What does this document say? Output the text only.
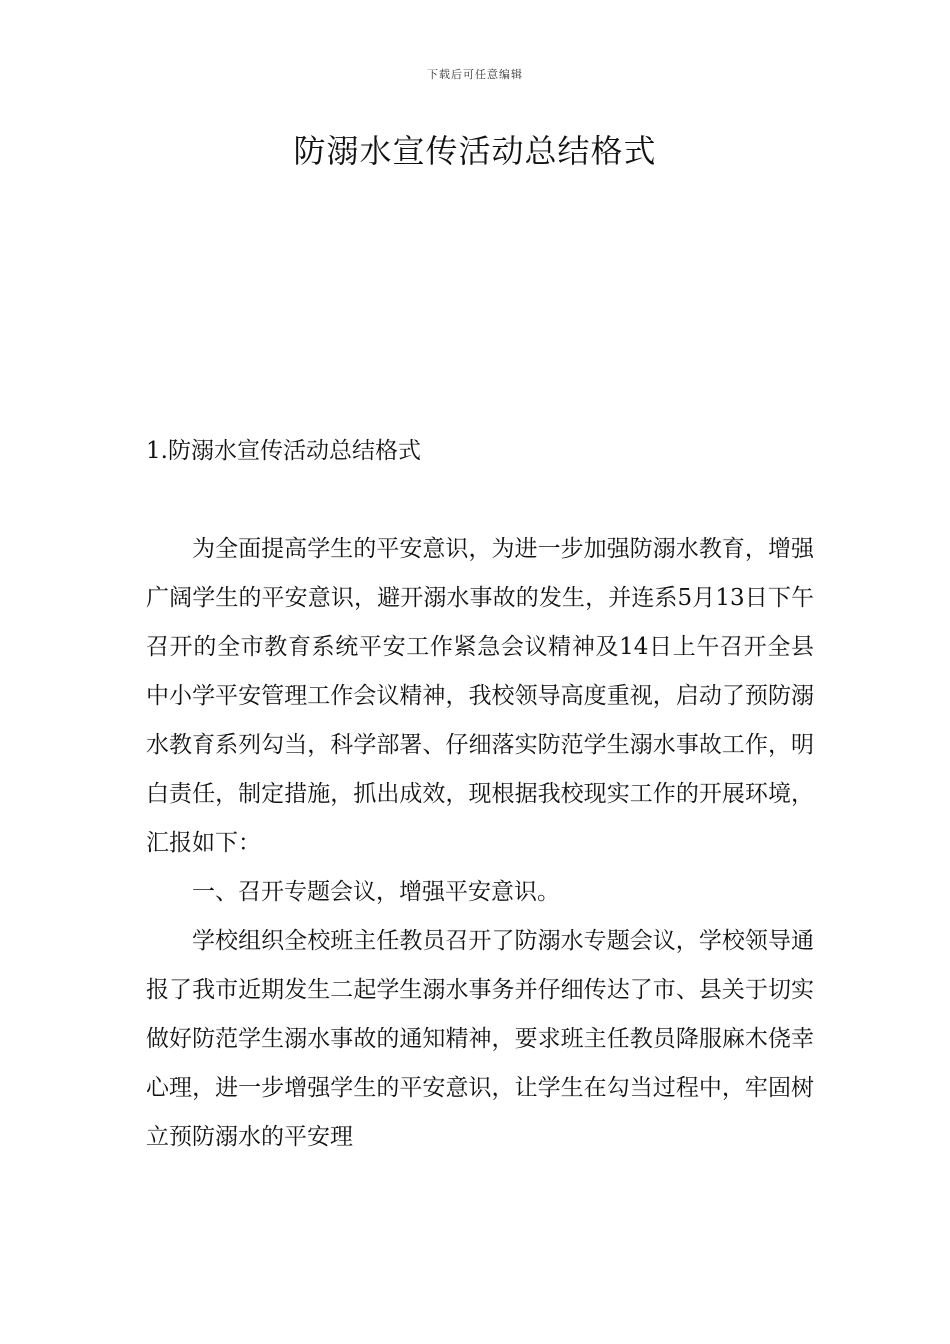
下载后可任意编辑
防溺水宣传活动总结格式
1.防溺水宣传活动总结格式

为全面提高学生的平安意识，为进一步加强防溺水教育，增强广阔学生的平安意识，避开溺水事故的发生，并连系5月13日下午召开的全市教育系统平安工作紧急会议精神及14日上午召开全县中小学平安管理工作会议精神，我校领导高度重视，启动了预防溺水教育系列勾当，科学部署、仔细落实防范学生溺水事故工作，明白责任，制定措施，抓出成效，现根据我校现实工作的开展环境，汇报如下：

一、召开专题会议，增强平安意识。

学校组织全校班主任教员召开了防溺水专题会议，学校领导通报了我市近期发生二起学生溺水事务并仔细传达了市、县关于切实做好防范学生溺水事故的通知精神，要求班主任教员降服麻木侥幸心理，进一步增强学生的平安意识，让学生在勾当过程中，牢固树立预防溺水的平安理
